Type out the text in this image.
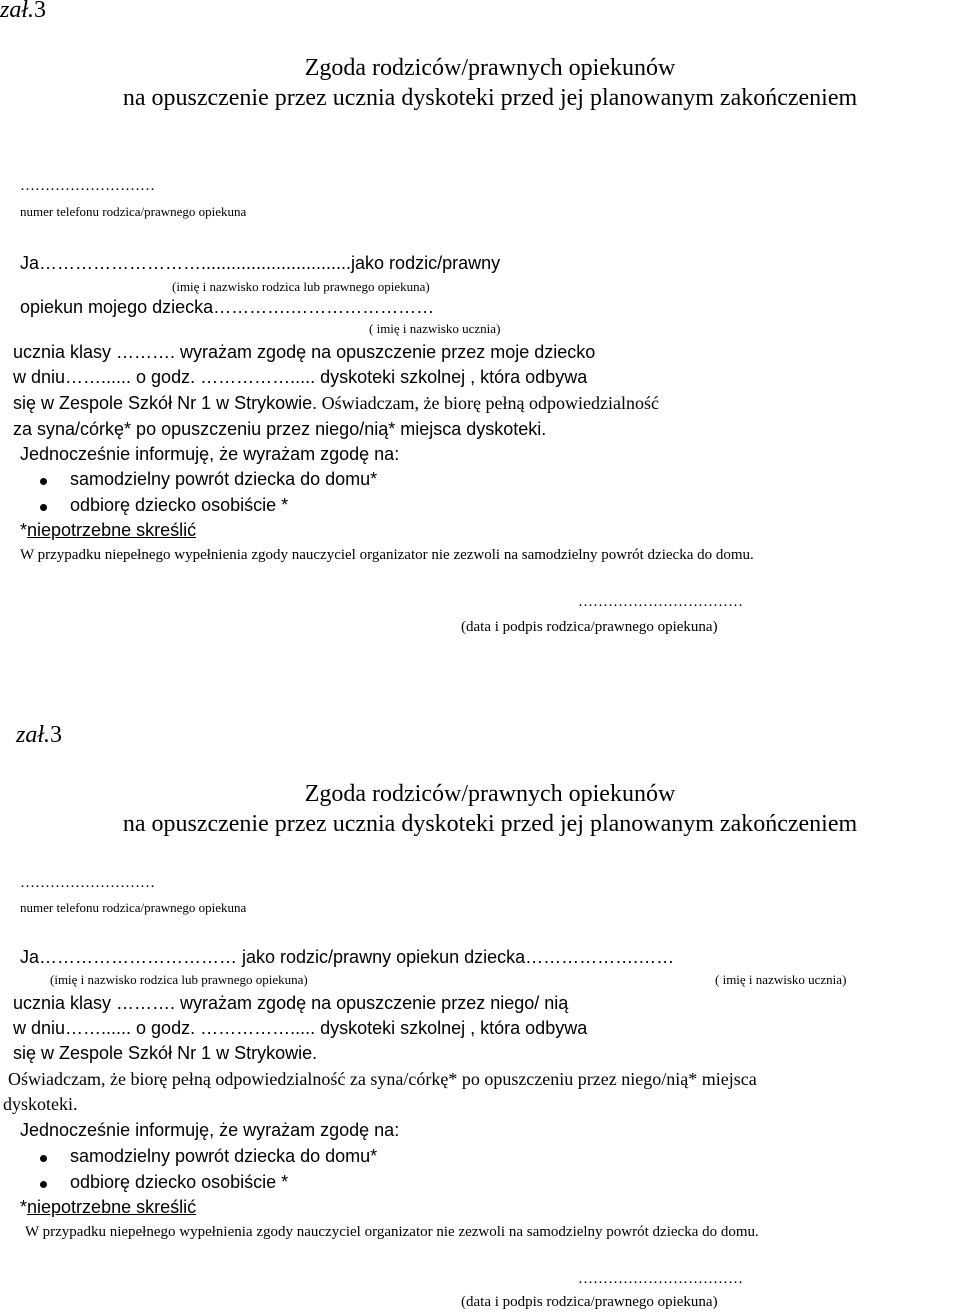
zał.3
Zgoda rodziców/prawnych opiekunów
na opuszczenie przez ucznia dyskoteki przed jej planowanym zakończeniem
………………………
numer telefonu rodzica/prawnego opiekuna
Ja………………………..............................jako rodzic/prawny
(imię i nazwisko rodzica lub prawnego opiekuna)
opiekun mojego dziecka………….……………………
( imię i nazwisko ucznia)
ucznia klasy ………. wyrażam zgodę na opuszczenie przez moje dziecko
w dniu……...... o godz. ……………..... dyskoteki szkolnej , która odbywa
się w Zespole Szkół Nr 1 w Strykowie. Oświadczam, że biorę pełną odpowiedzialność
za syna/córkę* po opuszczeniu przez niego/nią* miejsca dyskoteki.
Jednocześnie informuję, że wyrażam zgodę na:
samodzielny powrót dziecka do domu*
odbiorę dziecko osobiście *
*niepotrzebne skreślić
W przypadku niepełnego wypełnienia zgody nauczyciel organizator nie zezwoli na samodzielny powrót dziecka do domu.
……………………………
(data i podpis rodzica/prawnego opiekuna)
zał.3
Zgoda rodziców/prawnych opiekunów
na opuszczenie przez ucznia dyskoteki przed jej planowanym zakończeniem
………………………
numer telefonu rodzica/prawnego opiekuna
Ja…………………………… jako rodzic/prawny opiekun dziecka……………….……
(imię i nazwisko rodzica lub prawnego opiekuna)	( imię i nazwisko ucznia)
ucznia klasy ………. wyrażam zgodę na opuszczenie przez niego/ nią
w dniu……...... o godz. ……………..... dyskoteki szkolnej , która odbywa
się w Zespole Szkół Nr 1 w Strykowie.
Oświadczam, że biorę pełną odpowiedzialność za syna/córkę* po opuszczeniu przez niego/nią* miejsca
dyskoteki.
Jednocześnie informuję, że wyrażam zgodę na:
samodzielny powrót dziecka do domu*
odbiorę dziecko osobiście *
*niepotrzebne skreślić
W przypadku niepełnego wypełnienia zgody nauczyciel organizator nie zezwoli na samodzielny powrót dziecka do domu.
……………………………
(data i podpis rodzica/prawnego opiekuna)
